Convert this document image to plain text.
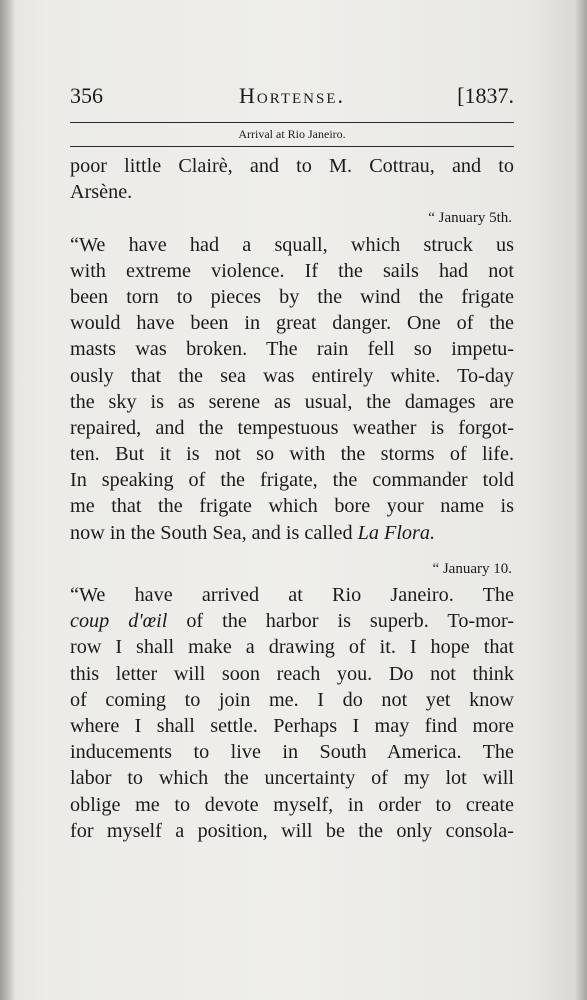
356	Hortense.	[1837.
Arrival at Rio Janeiro.
poor little Clairè, and to M. Cottrau, and to
Arsène.
“ January 5th.
“We have had a squall, which struck us
with extreme violence. If the sails had not
been torn to pieces by the wind the frigate
would have been in great danger. One of the
masts was broken. The rain fell so impetu-
ously that the sea was entirely white. To-day
the sky is as serene as usual, the damages are
repaired, and the tempestuous weather is forgot-
ten. But it is not so with the storms of life.
In speaking of the frigate, the commander told
me that the frigate which bore your name is
now in the South Sea, and is called La Flora.
“ January 10.
“We have arrived at Rio Janeiro. The
coup d'œil of the harbor is superb. To-mor-
row I shall make a drawing of it. I hope that
this letter will soon reach you. Do not think
of coming to join me. I do not yet know
where I shall settle. Perhaps I may find more
inducements to live in South America. The
labor to which the uncertainty of my lot will
oblige me to devote myself, in order to create
for myself a position, will be the only consola-
